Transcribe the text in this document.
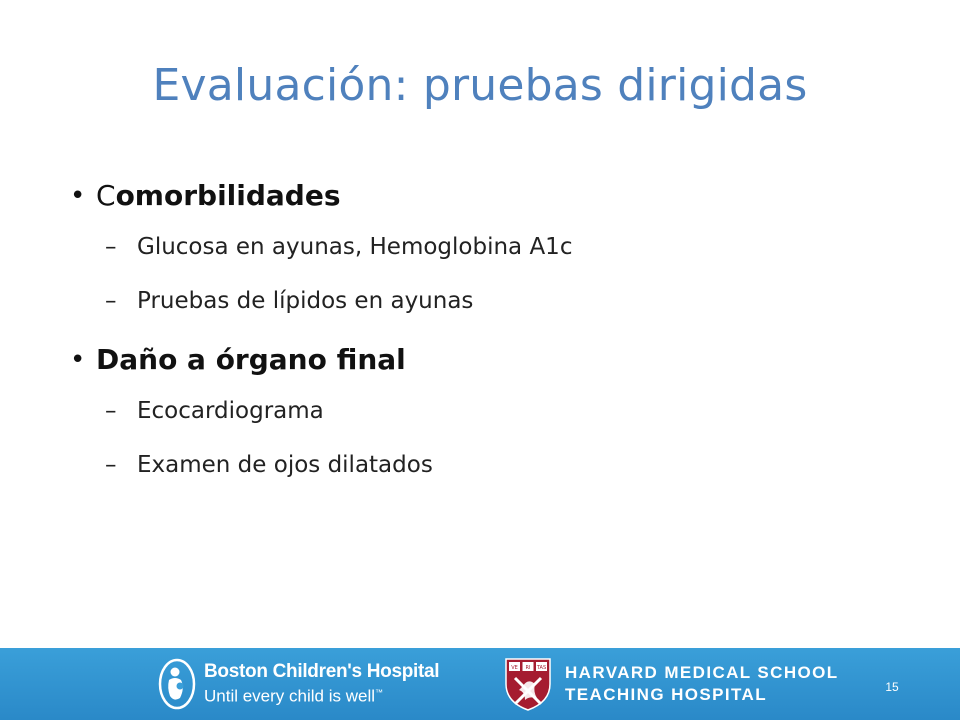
Evaluación: pruebas dirigidas
• Comorbilidades
– Glucosa en ayunas, Hemoglobina A1c
– Pruebas de lípidos en ayunas
• Daño a órgano final
– Ecocardiograma
– Examen de ojos dilatados
Boston Children's Hospital
Until every child is well™
VE RI TAS HARVARD MEDICAL SCHOOL
TEACHING HOSPITAL	15
